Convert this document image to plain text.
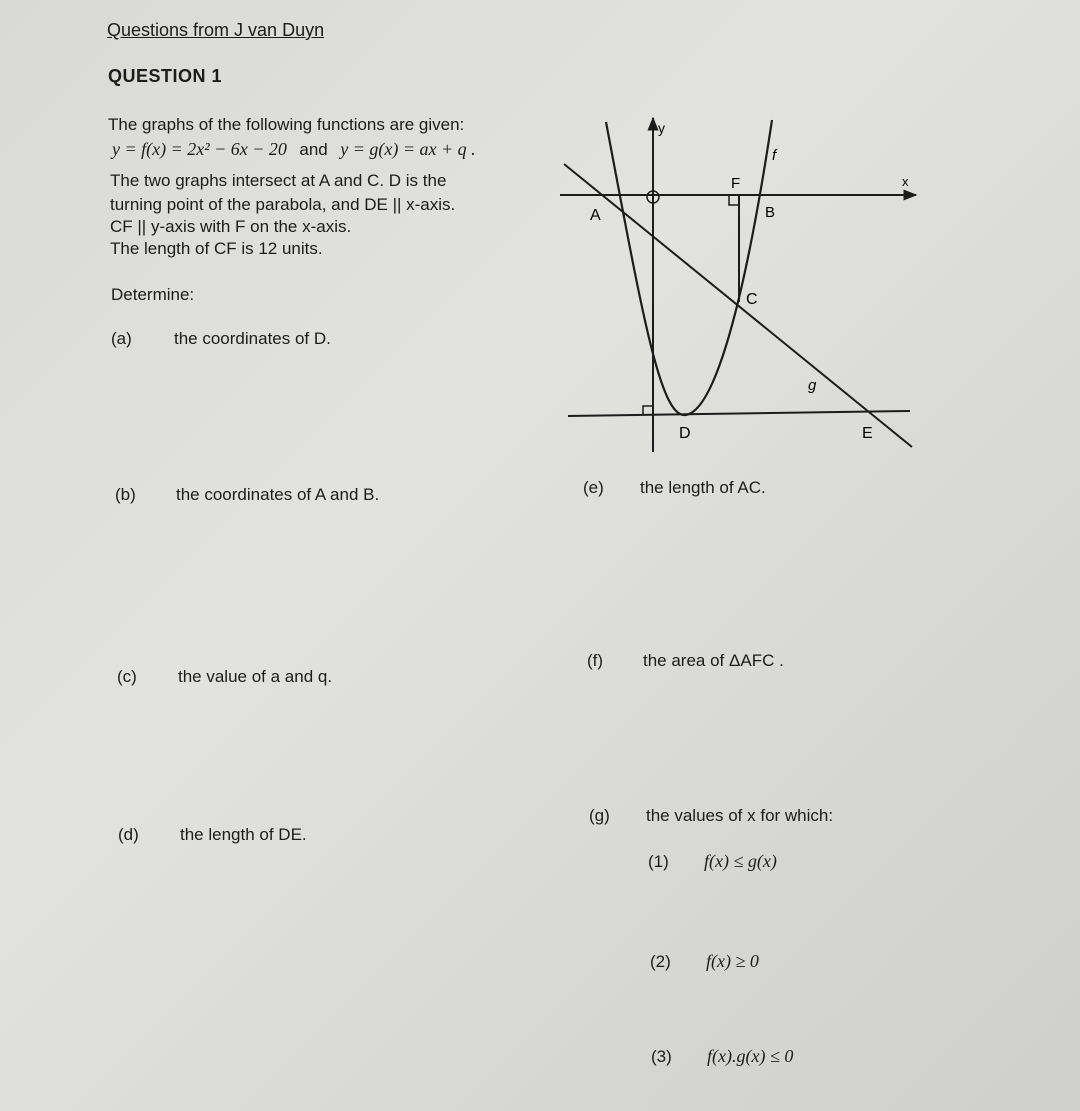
Questions from J van Duyn
QUESTION 1
The graphs of the following functions are given:
y = f(x) = 2x² − 6x − 20 and y = g(x) = ax + q .
The two graphs intersect at A and C. D is the
turning point of the parabola, and DE || x-axis.
CF || y-axis with F on the x-axis.
The length of CF is 12 units.
Determine:
(a) the coordinates of D.
(b) the coordinates of A and B.
(c) the value of a and q.
(d) the length of DE.
(e) the length of AC.
(f) the area of ΔAFC .
(g) the values of x for which:
(1) f(x) ≤ g(x)
(2) f(x) ≥ 0
(3) f(x).g(x) ≤ 0
y
x
f
g
A	B
C
D	E
F
